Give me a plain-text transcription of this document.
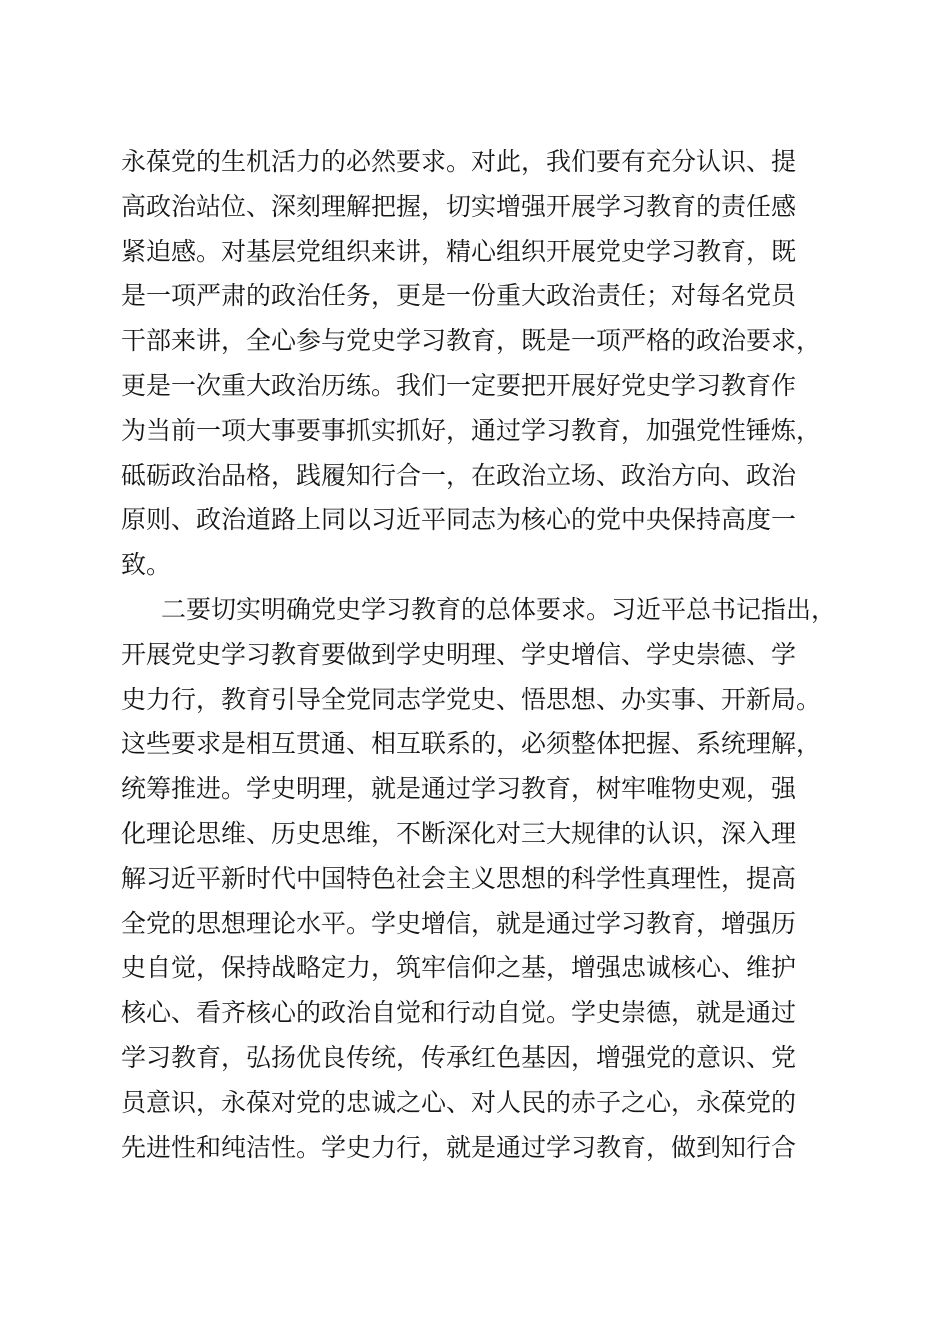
永葆党的生机活力的必然要求。对此，我们要有充分认识、提
高政治站位、深刻理解把握，切实增强开展学习教育的责任感
紧迫感。对基层党组织来讲，精心组织开展党史学习教育，既
是一项严肃的政治任务，更是一份重大政治责任；对每名党员
干部来讲，全心参与党史学习教育，既是一项严格的政治要求，
更是一次重大政治历练。我们一定要把开展好党史学习教育作
为当前一项大事要事抓实抓好，通过学习教育，加强党性锤炼，
砥砺政治品格，践履知行合一，在政治立场、政治方向、政治
原则、政治道路上同以习近平同志为核心的党中央保持高度一
致。
二要切实明确党史学习教育的总体要求。习近平总书记指出，
开展党史学习教育要做到学史明理、学史增信、学史崇德、学
史力行，教育引导全党同志学党史、悟思想、办实事、开新局。
这些要求是相互贯通、相互联系的，必须整体把握、系统理解，
统筹推进。学史明理，就是通过学习教育，树牢唯物史观，强
化理论思维、历史思维，不断深化对三大规律的认识，深入理
解习近平新时代中国特色社会主义思想的科学性真理性，提高
全党的思想理论水平。学史增信，就是通过学习教育，增强历
史自觉，保持战略定力，筑牢信仰之基，增强忠诚核心、维护
核心、看齐核心的政治自觉和行动自觉。学史崇德，就是通过
学习教育，弘扬优良传统，传承红色基因，增强党的意识、党
员意识，永葆对党的忠诚之心、对人民的赤子之心，永葆党的
先进性和纯洁性。学史力行，就是通过学习教育，做到知行合
